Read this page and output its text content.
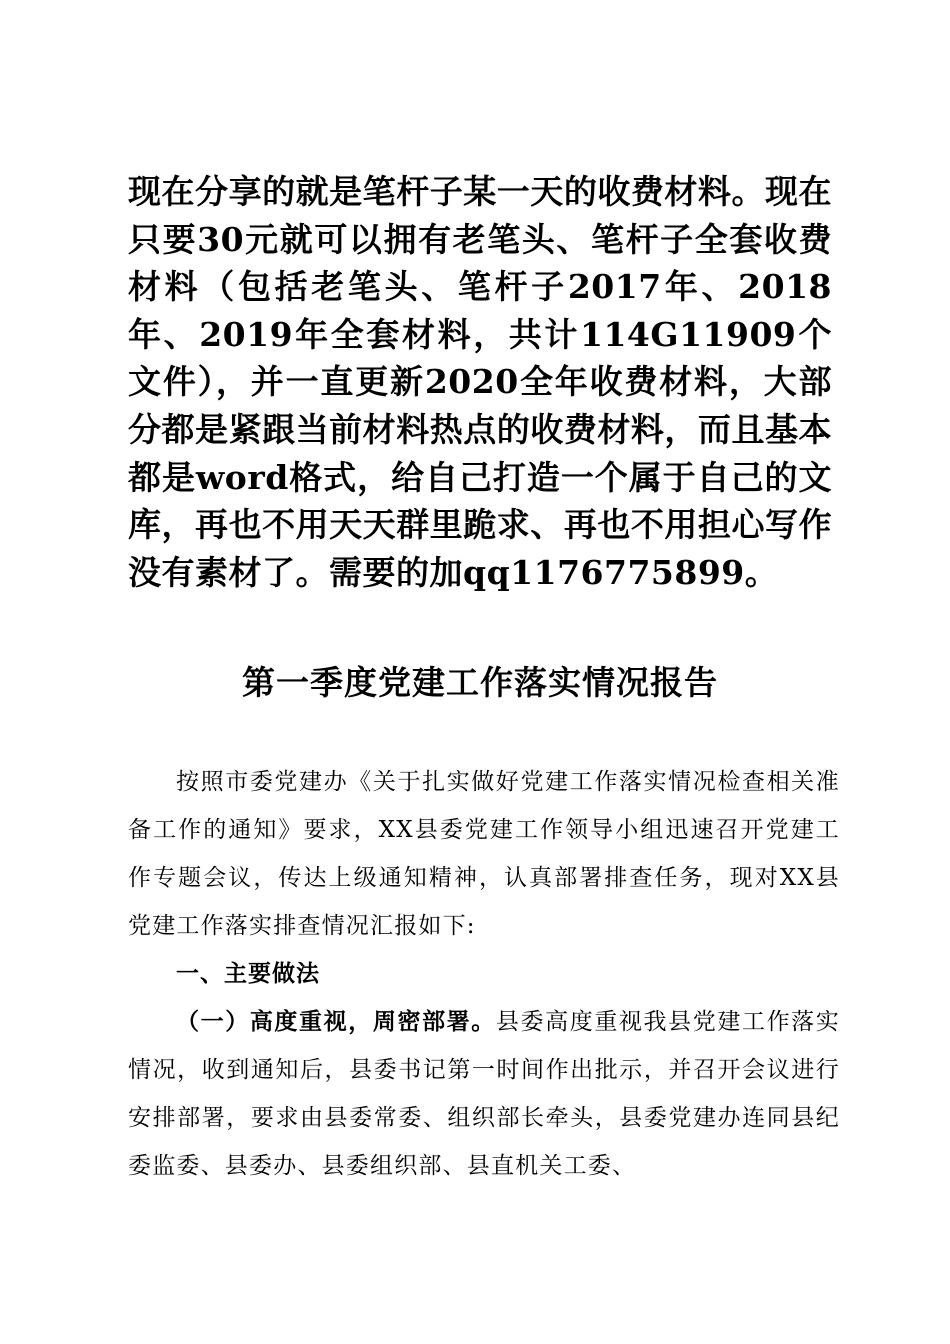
现在分享的就是笔杆子某一天的收费材料。现在只要30元就可以拥有老笔头、笔杆子全套收费材料（包括老笔头、笔杆子2017年、2018年、2019年全套材料，共计114G11909个文件），并一直更新2020全年收费材料，大部分都是紧跟当前材料热点的收费材料，而且基本都是word格式，给自己打造一个属于自己的文库，再也不用天天群里跪求、再也不用担心写作没有素材了。需要的加qq1176775899。

第一季度党建工作落实情况报告

按照市委党建办《关于扎实做好党建工作落实情况检查相关准备工作的通知》要求，XX县委党建工作领导小组迅速召开党建工作专题会议，传达上级通知精神，认真部署排查任务，现对XX县党建工作落实排查情况汇报如下:

一、主要做法

（一）高度重视，周密部署。县委高度重视我县党建工作落实情况，收到通知后，县委书记第一时间作出批示，并召开会议进行安排部署，要求由县委常委、组织部长牵头，县委党建办连同县纪委监委、县委办、县委组织部、县直机关工委、
